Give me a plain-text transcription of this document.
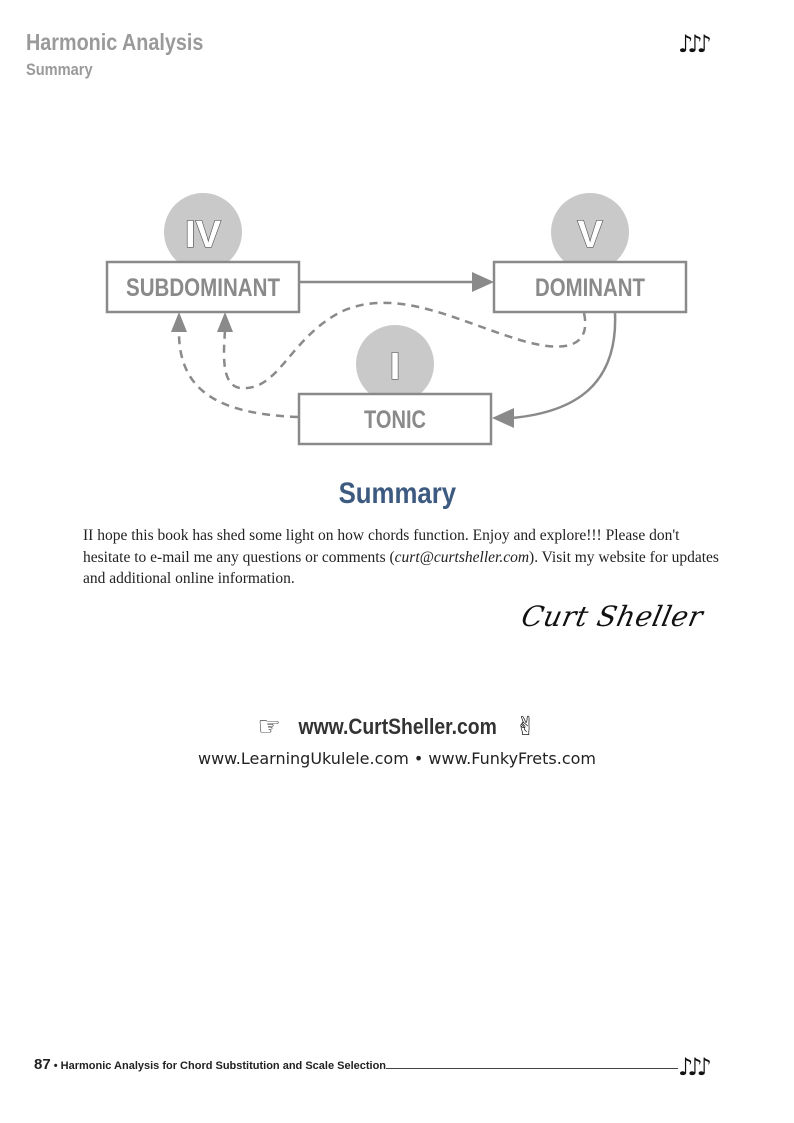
Harmonic Analysis
Summary
♪♪♪
IV
SUBDOMINANT
V
DOMINANT
I
TONIC
Summary
II hope this book has shed some light on how chords function. Enjoy and explore!!! Please don't hesitate to e-mail me any questions or comments (curt@curtsheller.com). Visit my website for updates and additional online information.
Curt Sheller
☞ www.CurtSheller.com ✌
www.LearningUkulele.com • www.FunkyFrets.com
87 • Harmonic Analysis for Chord Substitution and Scale Selection	♪♪♪
